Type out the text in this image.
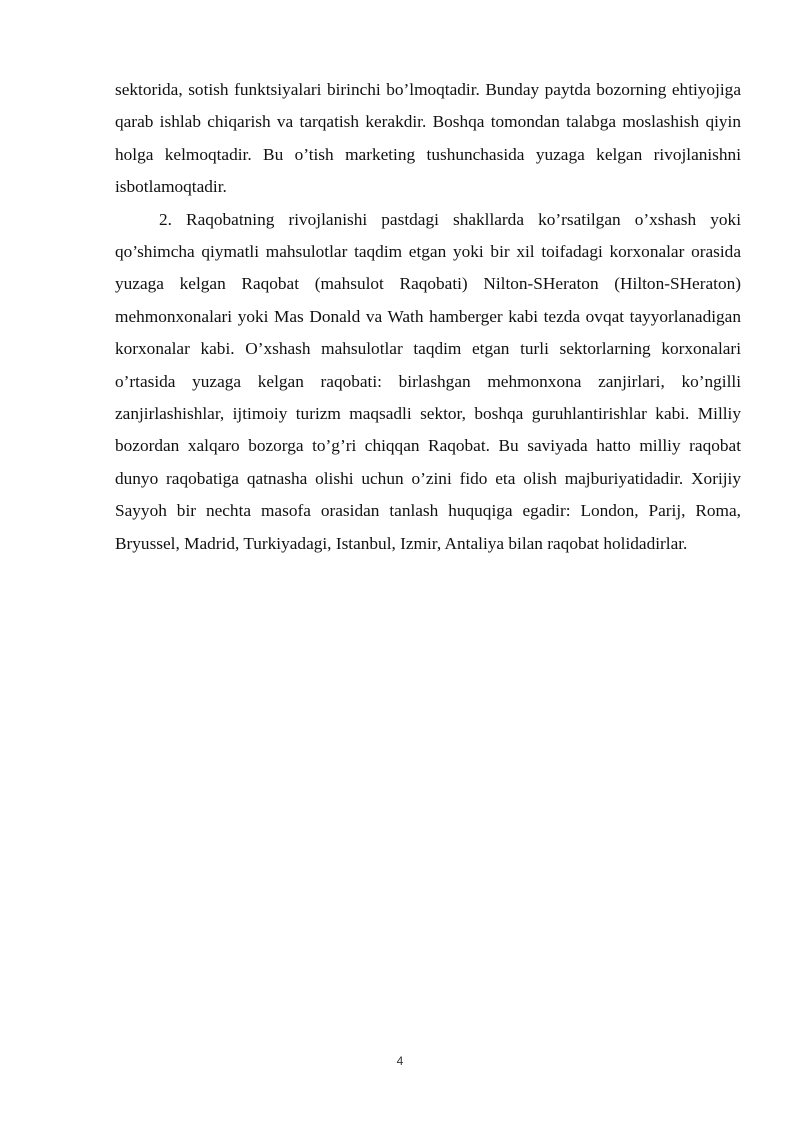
sektorida, sotish funktsiyalari birinchi bo’lmoqtadir. Bunday paytda bozorning ehtiyojiga qarab ishlab chiqarish va tarqatish kerakdir. Boshqa tomondan talabga moslashish qiyin holga kelmoqtadir. Bu o’tish marketing tushunchasida yuzaga kelgan rivojlanishni isbotlamoqtadir.

2. Raqobatning rivojlanishi pastdagi shakllarda ko’rsatilgan o’xshash yoki qo’shimcha qiymatli mahsulotlar taqdim etgan yoki bir xil toifadagi korxonalar orasida yuzaga kelgan Raqobat (mahsulot Raqobati) Nilton-SHeraton (Hilton-SHeraton) mehmonxonalari yoki Mas Donald va Wath hamberger kabi tezda ovqat tayyorlanadigan korxonalar kabi. O’xshash mahsulotlar taqdim etgan turli sektorlarning korxonalari o’rtasida yuzaga kelgan raqobati: birlashgan mehmonxona zanjirlari, ko’ngilli zanjirlashishlar, ijtimoiy turizm maqsadli sektor, boshqa guruhlantirishlar kabi. Milliy bozordan xalqaro bozorga to’g’ri chiqqan Raqobat. Bu saviyada hatto milliy raqobat dunyo raqobatiga qatnasha olishi uchun o’zini fido eta olish majburiyatidadir. Xorijiy Sayyoh bir nechta masofa orasidan tanlash huquqiga egadir: London, Parij, Roma, Bryussel, Madrid, Turkiyadagi, Istanbul, Izmir, Antaliya bilan raqobat holidadirlar.

4
